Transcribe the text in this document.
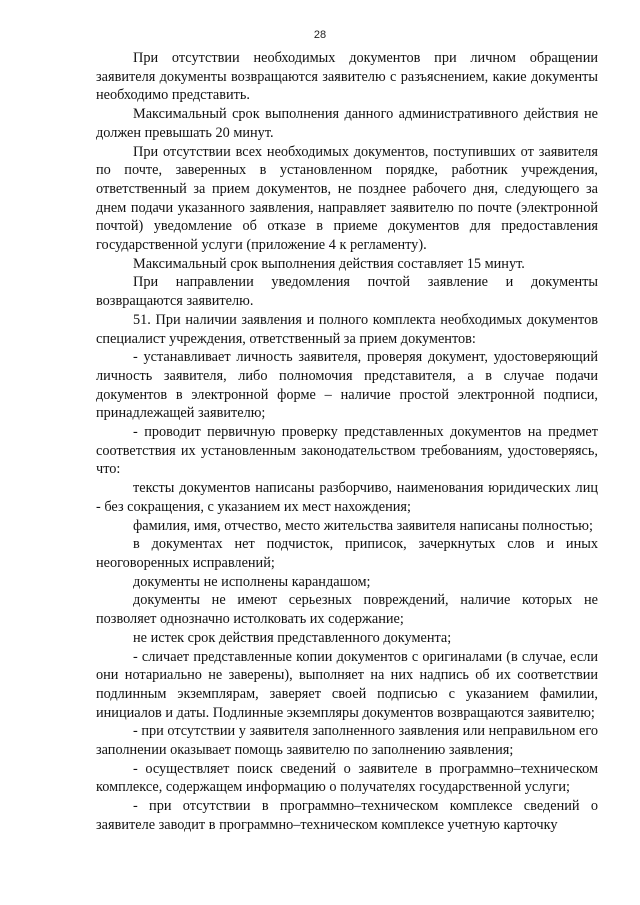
28

При отсутствии необходимых документов при личном обращении заявителя документы возвращаются заявителю с разъяснением, какие документы необходимо представить.

Максимальный срок выполнения данного административного действия не должен превышать 20 минут.

При отсутствии всех необходимых документов, поступивших от заявителя по почте, заверенных в установленном порядке, работник учреждения, ответственный за прием документов, не позднее рабочего дня, следующего за днем подачи указанного заявления, направляет заявителю по почте (электронной почтой) уведомление об отказе в приеме документов для предоставления государственной услуги (приложение 4 к регламенту).

Максимальный срок выполнения действия составляет 15 минут.

При направлении уведомления почтой заявление и документы возвращаются заявителю.

51. При наличии заявления и полного комплекта необходимых документов специалист учреждения, ответственный за прием документов:

- устанавливает личность заявителя, проверяя документ, удостоверяющий личность заявителя, либо полномочия представителя, а в случае подачи документов в электронной форме – наличие простой электронной подписи, принадлежащей заявителю;

- проводит первичную проверку представленных документов на предмет соответствия их установленным законодательством требованиям, удостоверяясь, что:

тексты документов написаны разборчиво, наименования юридических лиц - без сокращения, с указанием их мест нахождения;

фамилия, имя, отчество, место жительства заявителя написаны полностью;

в документах нет подчисток, приписок, зачеркнутых слов и иных неоговоренных исправлений;

документы не исполнены карандашом;

документы не имеют серьезных повреждений, наличие которых не позволяет однозначно истолковать их содержание;

не истек срок действия представленного документа;

- сличает представленные копии документов с оригиналами (в случае, если они нотариально не заверены), выполняет на них надпись об их соответствии подлинным экземплярам, заверяет своей подписью с указанием фамилии, инициалов и даты. Подлинные экземпляры документов возвращаются заявителю;

- при отсутствии у заявителя заполненного заявления или неправильном его заполнении оказывает помощь заявителю по заполнению заявления;

- осуществляет поиск сведений о заявителе в программно–техническом комплексе, содержащем информацию о получателях государственной услуги;

- при отсутствии в программно–техническом комплексе сведений о заявителе заводит в программно–техническом комплексе учетную карточку
